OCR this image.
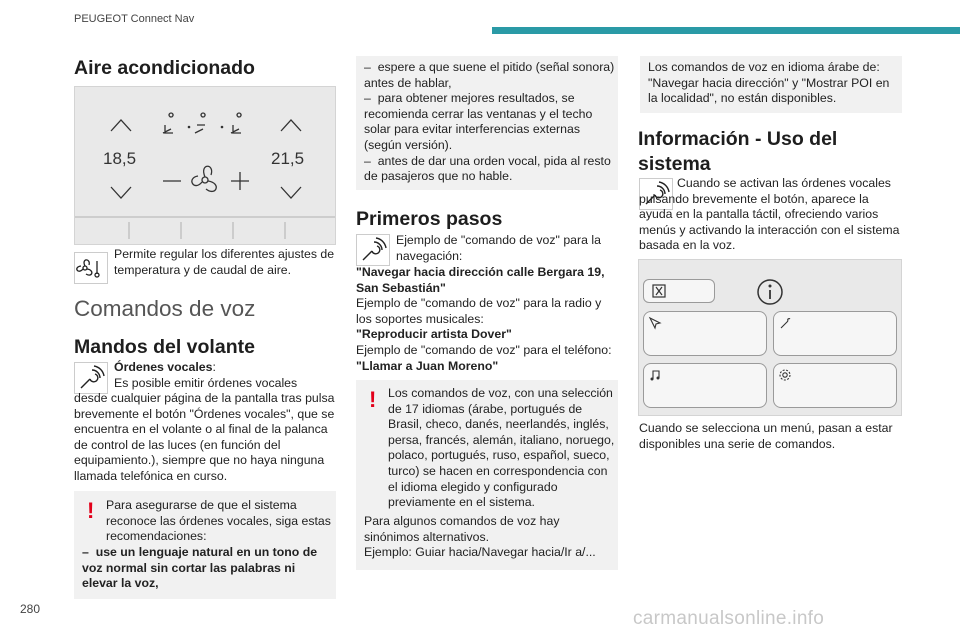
PEUGEOT Connect Nav
280	carmanualsonline.info
Aire acondicionado
18,5	21,5
Permite regular los diferentes ajustes de temperatura y de caudal de aire.
Comandos de voz
Mandos del volante
Órdenes vocales:
Es posible emitir órdenes vocales
desde cualquier página de la pantalla tras pulsa brevemente el botón "Órdenes vocales", que se encuentra en el volante o al final de la palanca de control de las luces (en función del equipamiento.), siempre que no haya ninguna llamada telefónica en curso.
! Para asegurarse de que el sistema reconoce las órdenes vocales, siga estas recomendaciones:
–  use un lenguaje natural en un tono de voz normal sin cortar las palabras ni elevar la voz,
–  espere a que suene el pitido (señal sonora) antes de hablar,
–  para obtener mejores resultados, se recomienda cerrar las ventanas y el techo solar para evitar interferencias externas (según versión).
–  antes de dar una orden vocal, pida al resto de pasajeros que no hable.
Primeros pasos
Ejemplo de "comando de voz" para la navegación:
"Navegar hacia dirección calle Bergara 19, San Sebastián"
Ejemplo de "comando de voz" para la radio y los soportes musicales:
"Reproducir artista Dover"
Ejemplo de "comando de voz" para el teléfono:
"Llamar a Juan Moreno"
! Los comandos de voz, con una selección de 17 idiomas (árabe, portugués de Brasil, checo, danés, neerlandés, inglés, persa, francés, alemán, italiano, noruego, polaco, portugués, ruso, español, sueco, turco) se hacen en correspondencia con el idioma elegido y configurado previamente en el sistema.
Para algunos comandos de voz hay sinónimos alternativos.
Ejemplo: Guiar hacia/Navegar hacia/Ir a/...
Los comandos de voz en idioma árabe de: "Navegar hacia dirección" y "Mostrar POI en la localidad", no están disponibles.
Información - Uso del sistema
Cuando se activan las órdenes vocales pulsando brevemente el botón, aparece la ayuda en la pantalla táctil, ofreciendo varios menús y activando la interacción con el sistema basada en la voz.
Cuando se selecciona un menú, pasan a estar disponibles una serie de comandos.
